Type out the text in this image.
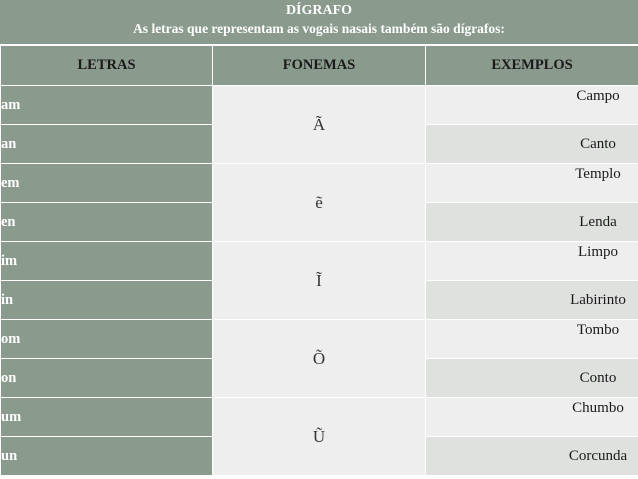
DÍGRAFO
As letras que representam as vogais nasais também são dígrafos:
LETRAS	FONEMAS	EXEMPLOS
am	Ã	Campo
an		Canto
em	ẽ	Templo
en		Lenda
im	Ĩ	Limpo
in		Labirinto
om	Õ	Tombo
on		Conto
um	Ũ	Chumbo
un		Corcunda
